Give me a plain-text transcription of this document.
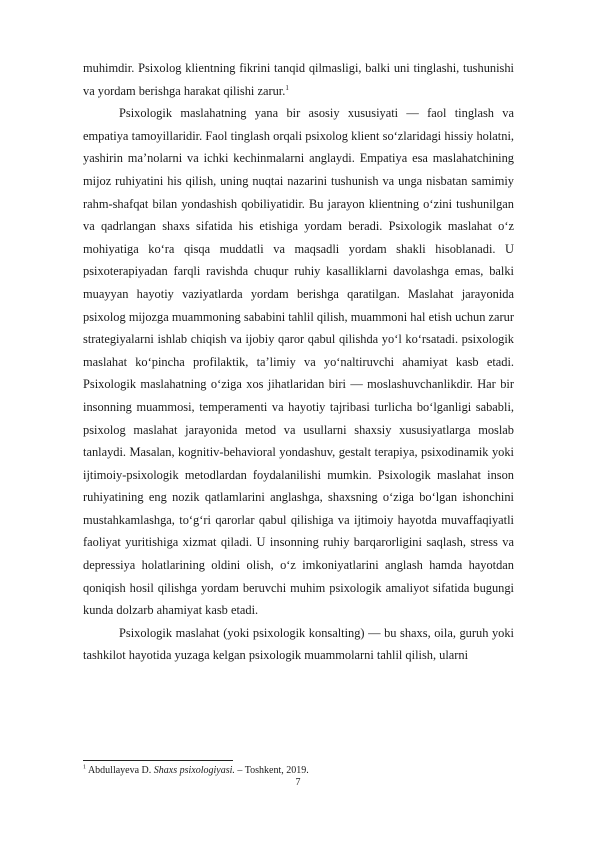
muhimdir. Psixolog klientning fikrini tanqid qilmasligi, balki uni tinglashi, tushunishi va yordam berishga harakat qilishi zarur.$^1$

Psixologik maslahatning yana bir asosiy xususiyati — faol tinglash va empatiya tamoyillaridir. Faol tinglash orqali psixolog klient so‘zlaridagi hissiy holatni, yashirin ma’nolarni va ichki kechinmalarni anglaydi. Empatiya esa maslahatchining mijoz ruhiyatini his qilish, uning nuqtai nazarini tushunish va unga nisbatan samimiy rahm-shafqat bilan yondashish qobiliyatidir. Bu jarayon klientning o‘zini tushunilgan va qadrlangan shaxs sifatida his etishiga yordam beradi. Psixologik maslahat o‘z mohiyatiga ko‘ra qisqa muddatli va maqsadli yordam shakli hisoblanadi. U psixoterapiyadan farqli ravishda chuqur ruhiy kasalliklarni davolashga emas, balki muayyan hayotiy vaziyatlarda yordam berishga qaratilgan. Maslahat jarayonida psixolog mijozga muammoning sababini tahlil qilish, muammoni hal etish uchun zarur strategiyalarni ishlab chiqish va ijobiy qaror qabul qilishda yo‘l ko‘rsatadi. psixologik maslahat ko‘pincha profilaktik, ta’limiy va yo‘naltiruvchi ahamiyat kasb etadi. Psixologik maslahatning o‘ziga xos jihatlaridan biri — moslashuvchanlikdir. Har bir insonning muammosi, temperamenti va hayotiy tajribasi turlicha bo‘lganligi sababli, psixolog maslahat jarayonida metod va usullarni shaxsiy xususiyatlarga moslab tanlaydi. Masalan, kognitiv-behavioral yondashuv, gestalt terapiya, psixodinamik yoki ijtimoiy-psixologik metodlardan foydalanilishi mumkin. Psixologik maslahat inson ruhiyatining eng nozik qatlamlarini anglashga, shaxsning o‘ziga bo‘lgan ishonchini mustahkamlashga, to‘g‘ri qarorlar qabul qilishiga va ijtimoiy hayotda muvaffaqiyatli faoliyat yuritishiga xizmat qiladi. U insonning ruhiy barqarorligini saqlash, stress va depressiya holatlarining oldini olish, o‘z imkoniyatlarini anglash hamda hayotdan qoniqish hosil qilishga yordam beruvchi muhim psixologik amaliyot sifatida bugungi kunda dolzarb ahamiyat kasb etadi.

Psixologik maslahat (yoki psixologik konsalting) — bu shaxs, oila, guruh yoki tashkilot hayotida yuzaga kelgan psixologik muammolarni tahlil qilish, ularni

$^1$ Abdullayeva D. Shaxs psixologiyasi. – Toshkent, 2019.
7
